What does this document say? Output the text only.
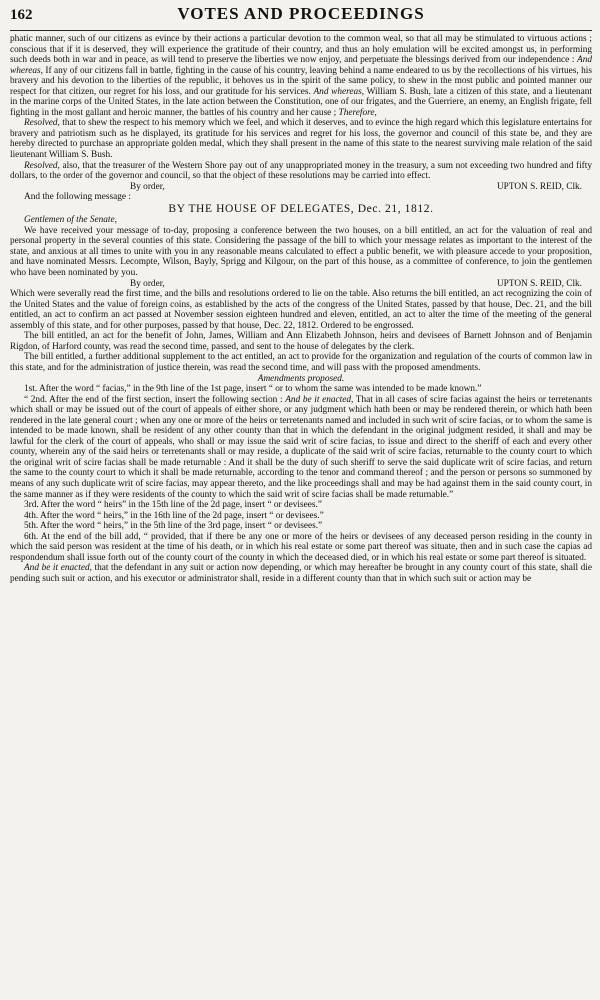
162	VOTES AND PROCEEDINGS

phatic manner, such of our citizens as evince by their actions a particular devotion to the common weal, so that all may be stimulated to virtuous actions ; conscious that if it is deserved, they will experience the gratitude of their country, and thus an holy emulation will be excited amongst us, in performing such deeds both in war and in peace, as will tend to preserve the liberties we now enjoy, and perpetuate the blessings derived from our independence : And whereas, If any of our citizens fall in battle, fighting in the cause of his country, leaving behind a name endeared to us by the recollections of his virtues, his bravery and his devotion to the liberties of the republic, it behoves us in the spirit of the same policy, to shew in the most public and pointed manner our respect for that citizen, our regret for his loss, and our gratitude for his services. And whereas, William S. Bush, late a citizen of this state, and a lieutenant in the marine corps of the United States, in the late action between the Constitution, one of our frigates, and the Guerriere, an enemy, an English frigate, fell fighting in the most gallant and heroic manner, the battles of his country and her cause ; Therefore,

Resolved, that to shew the respect to his memory which we feel, and which it deserves, and to evince the high regard which this legislature entertains for bravery and patriotism such as he displayed, its gratitude for his services and regret for his loss, the governor and council of this state be, and they are hereby directed to purchase an appropriate golden medal, which they shall present in the name of this state to the nearest surviving male relation of the said lieutenant William S. Bush.

Resolved, also, that the treasurer of the Western Shore pay out of any unappropriated money in the treasury, a sum not exceeding two hundred and fifty dollars, to the order of the governor and council, so that the object of these resolutions may be carried into effect.

By order,	UPTON S. REID, Clk.

And the following message :

BY THE HOUSE OF DELEGATES, Dec. 21, 1812.
Gentlemen of the Senate,

We have received your message of to-day, proposing a conference between the two houses, on a bill entitled, an act for the valuation of real and personal property in the several counties of this state. Considering the passage of the bill to which your message relates as important to the interest of the state, and anxious at all times to unite with you in any reasonable means calculated to effect a public benefit, we with pleasure accede to your proposition, and have nominated Messrs. Lecompte, Wilson, Bayly, Sprigg and Kilgour, on the part of this house, as a committee of conference, to join the gentlemen who have been nominated by you.

By order,	UPTON S. REID, Clk.

Which were severally read the first time, and the bills and resolutions ordered to lie on the table. Also returns the bill entitled, an act recognizing the coin of the United States and the value of foreign coins, as established by the acts of the congress of the United States, passed by that house, Dec. 21, and the bill entitled, an act to confirm an act passed at November session eighteen hundred and eleven, entitled, an act to alter the time of the meeting of the general assembly of this state, and for other purposes, passed by that house, Dec. 22, 1812. Ordered to be engrossed.

The bill entitled, an act for the benefit of John, James, William and Ann Elizabeth Johnson, heirs and devisees of Barnett Johnson and of Benjamin Rigdon, of Harford county, was read the second time, passed, and sent to the house of delegates by the clerk.

The bill entitled, a further additional supplement to the act entitled, an act to provide for the organization and regulation of the courts of common law in this state, and for the administration of justice therein, was read the second time, and will pass with the proposed amendments.

Amendments proposed.

1st. After the word “ facias,” in the 9th line of the 1st page, insert “ or to whom the same was intended to be made known.”

“ 2nd. After the end of the first section, insert the following section : And be it enacted, That in all cases of scire facias against the heirs or terretenants which shall or may be issued out of the court of appeals of either shore, or any judgment which hath been or may be rendered therein, or which hath been rendered in the late general court ; when any one or more of the heirs or terretenants named and included in such writ of scire facias, or to whom the same is intended to be made known, shall be resident of any other county than that in which the defendant in the original judgment resided, it shall and may be lawful for the clerk of the court of appeals, who shall or may issue the said writ of scire facias, to issue and direct to the sheriff of each and every other county, wherein any of the said heirs or terretenants shall or may reside, a duplicate of the said writ of scire facias, returnable to the county court to which the original writ of scire facias shall be made returnable : And it shall be the duty of such sheriff to serve the said duplicate writ of scire facias, and return the same to the county court to which it shall be made returnable, according to the tenor and command thereof ; and the person or persons so summoned by means of any such duplicate writ of scire facias, may appear thereto, and the like proceedings shall and may be had against them in the said county court, in the same manner as if they were residents of the county to which the said writ of scire facias shall be made returnable.”

3rd. After the word “ heirs” in the 15th line of the 2d page, insert “ or devisees.”

4th. After the word “ heirs,” in the 16th line of the 2d page, insert “ or devisees.”

5th. After the word “ heirs,” in the 5th line of the 3rd page, insert “ or devisees.”

6th. At the end of the bill add, “ provided, that if there be any one or more of the heirs or devisees of any deceased person residing in the county in which the said person was resident at the time of his death, or in which his real estate or some part thereof was situate, then and in such case the capias ad respondendum shall issue forth out of the county court of the county in which the deceased died, or in which his real estate or some part thereof is situated.

And be it enacted, that the defendant in any suit or action now depending, or which may hereafter be brought in any county court of this state, shall die pending such suit or action, and his executor or administrator shall, reside in a different county than that in which such suit or action may be
